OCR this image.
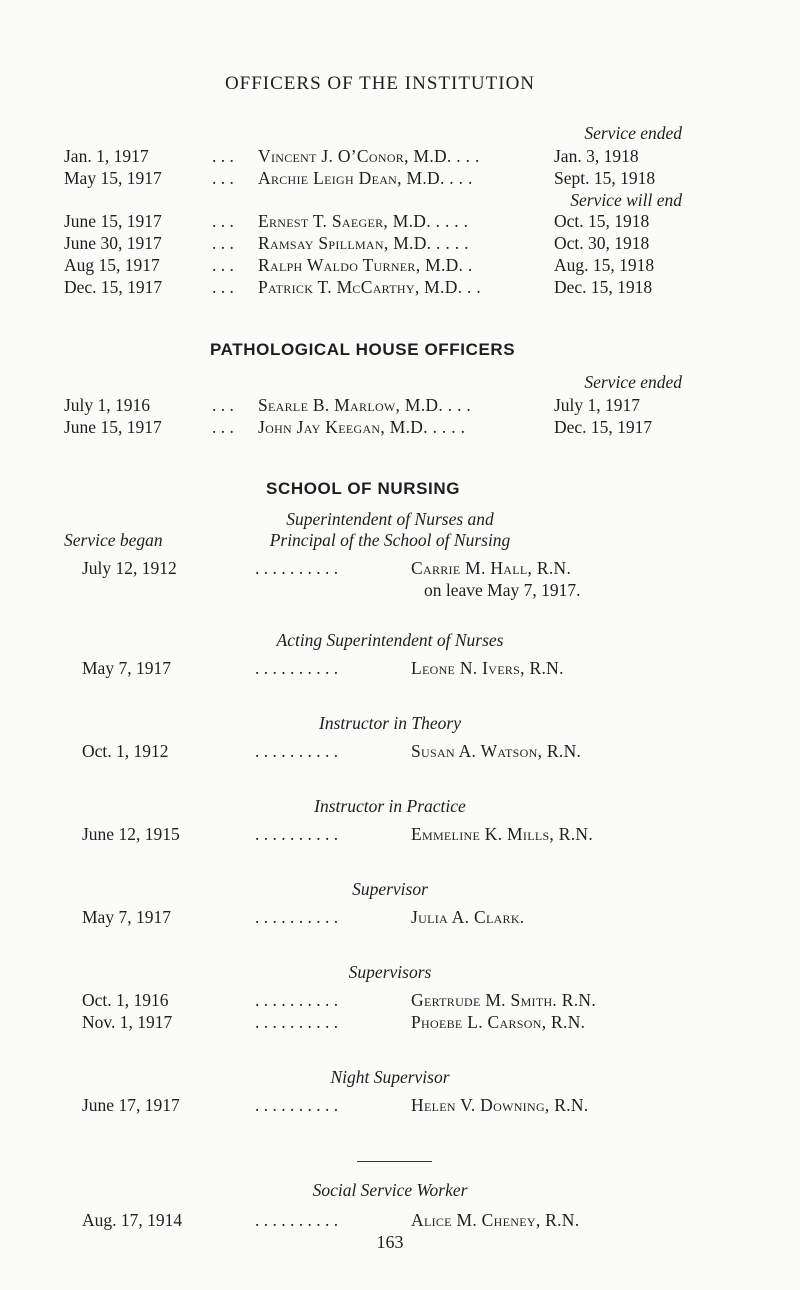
OFFICERS OF THE INSTITUTION
Service ended
Jan. 1, 1917	. . . Vincent J. O’Conor, M.D. . . .	Jan. 3, 1918
May 15, 1917	. . . Archie Leigh Dean, M.D. . . .	Sept. 15, 1918
Service will end
June 15, 1917	. . . Ernest T. Saeger, M.D. . . . .	Oct. 15, 1918
June 30, 1917	. . . Ramsay Spillman, M.D. . . . .	Oct. 30, 1918
Aug 15, 1917	. . . Ralph Waldo Turner, M.D. .	Aug. 15, 1918
Dec. 15, 1917	. . . Patrick T. McCarthy, M.D. . .	Dec. 15, 1918
PATHOLOGICAL HOUSE OFFICERS
Service ended
July 1, 1916	. . . Searle B. Marlow, M.D. . . .	July 1, 1917
June 15, 1917	. . . John Jay Keegan, M.D. . . . .	Dec. 15, 1917
SCHOOL OF NURSING
Superintendent of Nurses and
Service began	Principal of the School of Nursing
July 12, 1912	. . . . . . . . . .	Carrie M. Hall, R.N.
on leave May 7, 1917.
Acting Superintendent of Nurses
May 7, 1917	. . . . . . . . . .	Leone N. Ivers, R.N.
Instructor in Theory
Oct. 1, 1912	. . . . . . . . . .	Susan A. Watson, R.N.
Instructor in Practice
June 12, 1915	. . . . . . . . . .	Emmeline K. Mills, R.N.
Supervisor
May 7, 1917	. . . . . . . . . .	Julia A. Clark.
Supervisors
Oct. 1, 1916	. . . . . . . . . .	Gertrude M. Smith. R.N.
Nov. 1, 1917	. . . . . . . . . .	Phoebe L. Carson, R.N.
Night Supervisor
June 17, 1917	. . . . . . . . . .	Helen V. Downing, R.N.
Social Service Worker
Aug. 17, 1914	. . . . . . . . . .	Alice M. Cheney, R.N.
163
